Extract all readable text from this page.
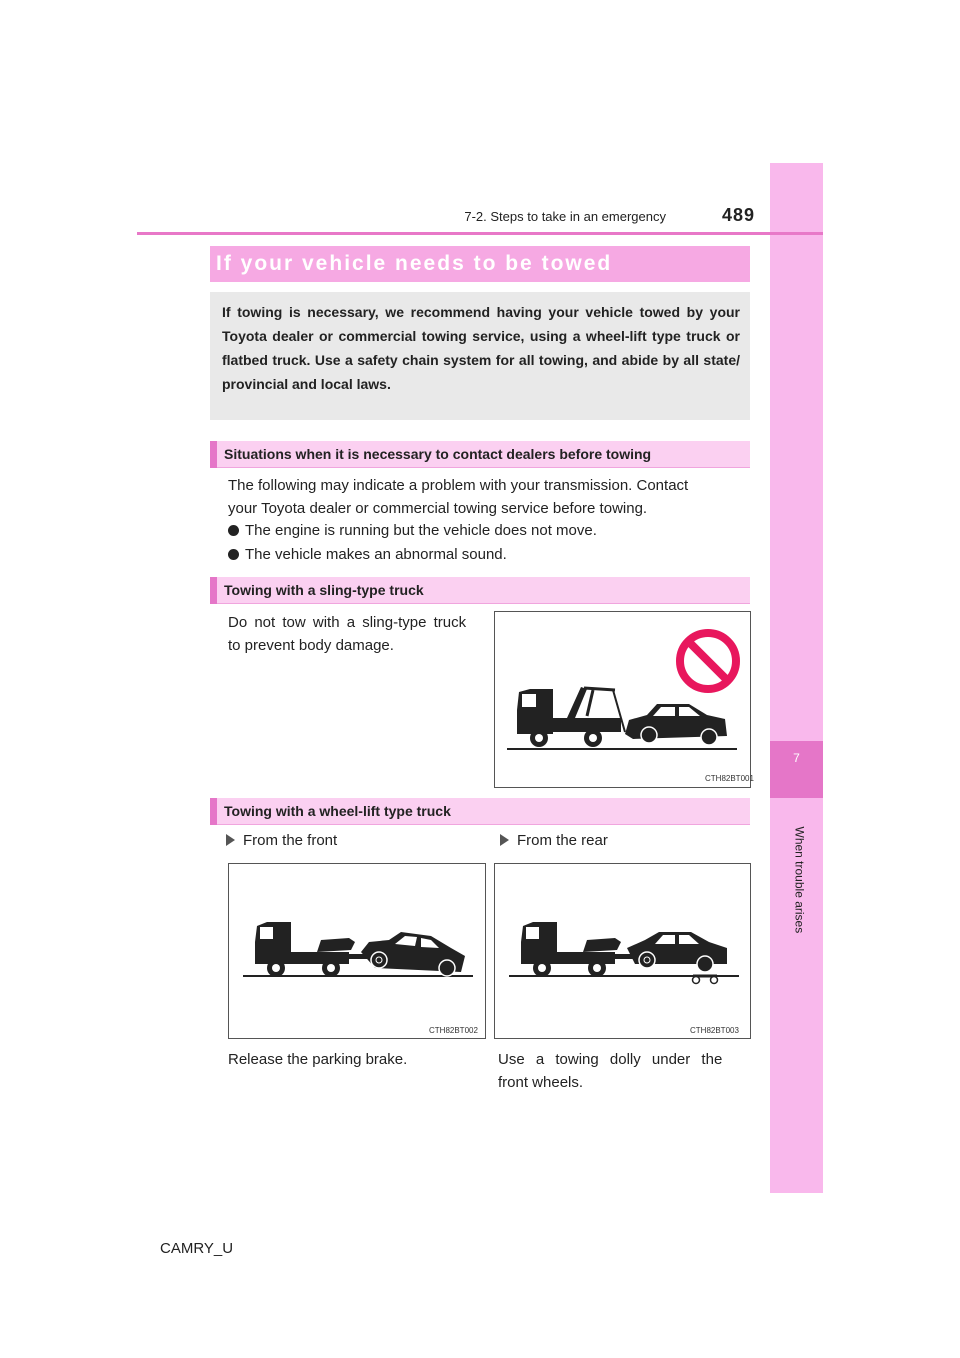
7
When trouble arises
7-2. Steps to take in an emergency	489
If your vehicle needs to be towed
If towing is necessary, we recommend having your vehicle towed by your Toyota dealer or commercial towing service, using a wheel-lift type truck or flatbed truck. Use a safety chain system for all towing, and abide by all state/ provincial and local laws.
Situations when it is necessary to contact dealers before towing
The following may indicate a problem with your transmission. Contact
your Toyota dealer or commercial towing service before towing.
The engine is running but the vehicle does not move.
The vehicle makes an abnormal sound.
Towing with a sling-type truck
Do not tow with a sling-type truck
to prevent body damage.
CTH82BT001
Towing with a wheel-lift type truck
From the front	From the rear
CTH82BT002	CTH82BT003
Release the parking brake.	Use a towing dolly under the
front wheels.
CAMRY_U
